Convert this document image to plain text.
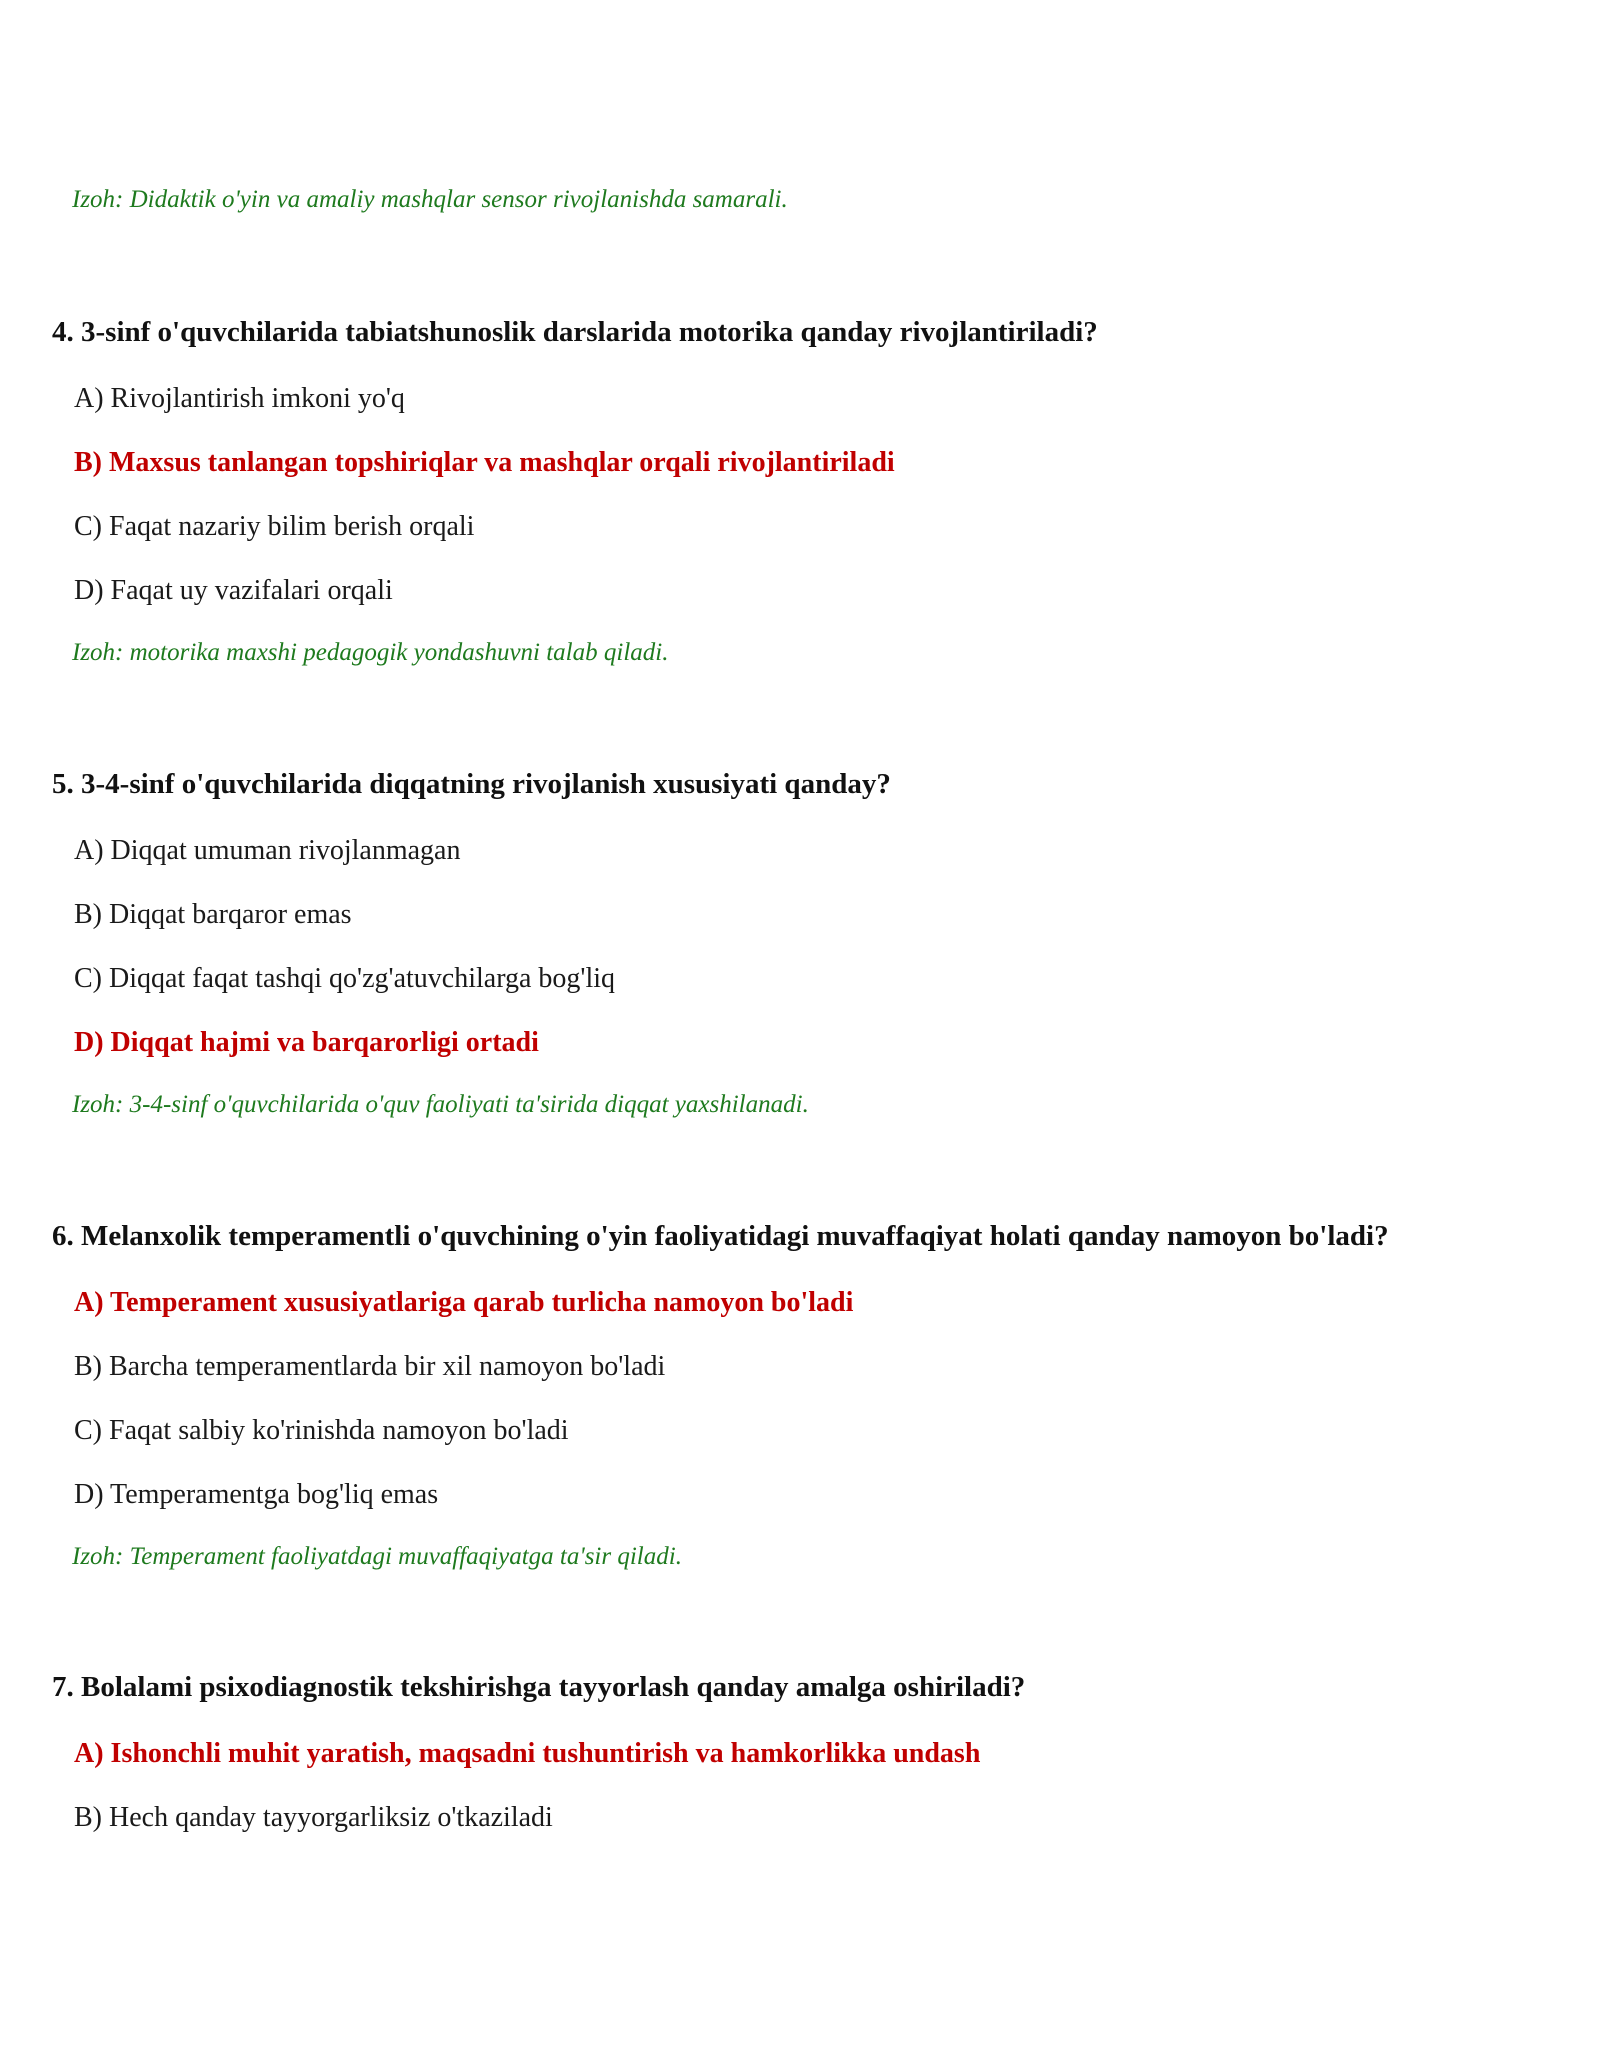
Izoh: Didaktik o'yin va amaliy mashqlar sensor rivojlanishda samarali.
4. 3-sinf o'quvchilarida tabiatshunoslik darslarida motorika qanday rivojlantiriladi?
A) Rivojlantirish imkoni yo'q
B) Maxsus tanlangan topshiriqlar va mashqlar orqali rivojlantiriladi
C) Faqat nazariy bilim berish orqali
D) Faqat uy vazifalari orqali
Izoh: motorika maxshi pedagogik yondashuvni talab qiladi.
5. 3-4-sinf o'quvchilarida diqqatning rivojlanish xususiyati qanday?
A) Diqqat umuman rivojlanmagan
B) Diqqat barqaror emas
C) Diqqat faqat tashqi qo'zg'atuvchilarga bog'liq
D) Diqqat hajmi va barqarorligi ortadi
Izoh: 3-4-sinf o'quvchilarida o'quv faoliyati ta'sirida diqqat yaxshilanadi.
6. Melanxolik temperamentli o'quvchining o'yin faoliyatidagi muvaffaqiyat holati qanday namoyon bo'ladi?
A) Temperament xususiyatlariga qarab turlicha namoyon bo'ladi
B) Barcha temperamentlarda bir xil namoyon bo'ladi
C) Faqat salbiy ko'rinishda namoyon bo'ladi
D) Temperamentga bog'liq emas
Izoh: Temperament faoliyatdagi muvaffaqiyatga ta'sir qiladi.
7. Bolalami psixodiagnostik tekshirishga tayyorlash qanday amalga oshiriladi?
A) Ishonchli muhit yaratish, maqsadni tushuntirish va hamkorlikka undash
B) Hech qanday tayyorgarliksiz o'tkaziladi
